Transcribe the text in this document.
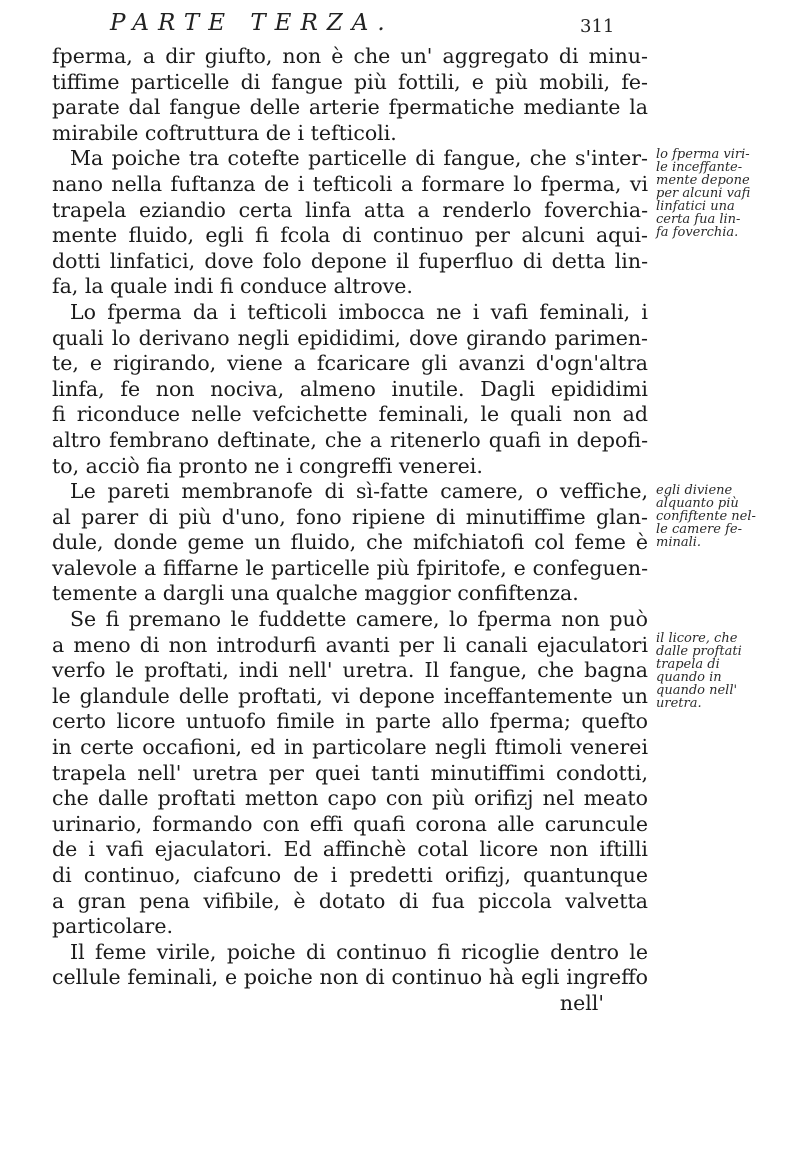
PARTE TERZA.	311
fperma, a dir giufto, non è che un' aggregato di minu-
tiffime particelle di fangue più fottili, e più mobili, fe-
parate dal fangue delle arterie fpermatiche mediante la
mirabile coftruttura de i tefticoli.
Ma poiche tra cotefte particelle di fangue, che s'inter-
nano nella fuftanza de i tefticoli a formare lo fperma, vi
trapela eziandio certa linfa atta a renderlo foverchia-
mente fluido, egli fi fcola di continuo per alcuni aqui-
dotti linfatici, dove folo depone il fuperfluo di detta lin-
fa, la quale indi fi conduce altrove.
Lo fperma da i tefticoli imbocca ne i vafi feminali, i
quali lo derivano negli epididimi, dove girando parimen-
te, e rigirando, viene a fcaricare gli avanzi d'ogn'altra
linfa, fe non nociva, almeno inutile. Dagli epididimi
fi riconduce nelle vefcichette feminali, le quali non ad
altro fembrano deftinate, che a ritenerlo quafi in depofi-
to, acciò fia pronto ne i congreffi venerei.
Le pareti membranofe di sì-fatte camere, o veffiche,
al parer di più d'uno, fono ripiene di minutiffime glan-
dule, donde geme un fluido, che mifchiatofi col feme è
valevole a fiffarne le particelle più fpiritofe, e confeguen-
temente a dargli una qualche maggior confiftenza.
Se fi premano le fuddette camere, lo fperma non può
a meno di non introdurfi avanti per li canali ejaculatori
verfo le proftati, indi nell' uretra. Il fangue, che bagna
le glandule delle proftati, vi depone inceffantemente un
certo licore untuofo fimile in parte allo fperma; quefto
in certe occafioni, ed in particolare negli ftimoli venerei
trapela nell' uretra per quei tanti minutiffimi condotti,
che dalle proftati metton capo con più orifizj nel meato
urinario, formando con effi quafi corona alle caruncule
de i vafi ejaculatori. Ed affinchè cotal licore non iftilli
di continuo, ciafcuno de i predetti orifizj, quantunque
a gran pena vifibile, è dotato di fua piccola valvetta
particolare.
Il feme virile, poiche di continuo fi ricoglie dentro le
cellule feminali, e poiche non di continuo hà egli ingreffo
nell'
lo fperma viri-
le inceffante-
mente depone
per alcuni vafi
linfatici una
certa fua lin-
fa foverchia.
egli diviene
alquanto più
confiftente nel-
le camere fe-
minali.
il licore, che
dalle proftati
trapela di
quando in
quando nell'
uretra.
